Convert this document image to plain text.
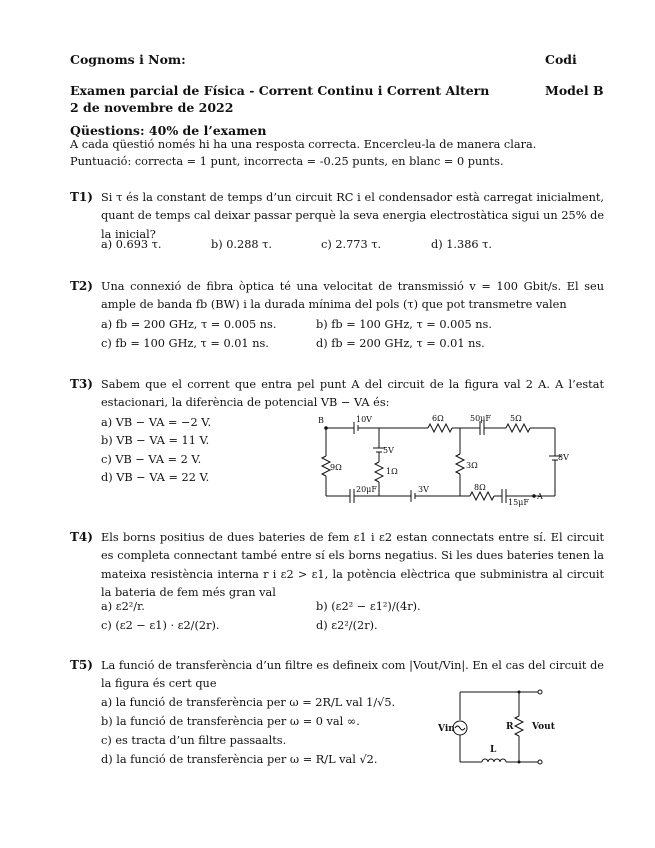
Cognoms i Nom:	Codi
Examen parcial de Física - Corrent Continu i Corrent Altern	Model B
2 de novembre de 2022
Qüestions: 40% de l’examen
A cada qüestió només hi ha una resposta correcta. Encercleu-la de manera clara.
Puntuació: correcta = 1 punt, incorrecta = -0.25 punts, en blanc = 0 punts.
T1) Si τ és la constant de temps d’un circuit RC i el condensador està carregat inicialment, quant de temps cal deixar passar perquè la seva energia electrostàtica sigui un 25% de la inicial?
a) 0.693 τ.	b) 0.288 τ.	c) 2.773 τ.	d) 1.386 τ.
T2) Una connexió de fibra òptica té una velocitat de transmissió v = 100 Gbit/s. El seu ample de banda fb (BW) i la durada mínima del pols (τ) que pot transmetre valen
a) fb = 200 GHz, τ = 0.005 ns.	b) fb = 100 GHz, τ = 0.005 ns.
c) fb = 100 GHz, τ = 0.01 ns.	d) fb = 200 GHz, τ = 0.01 ns.
T3) Sabem que el corrent que entra pel punt A del circuit de la figura val 2 A. A l’estat estacionari, la diferència de potencial VB − VA és:
a) VB − VA = −2 V.
b) VB − VA = 11 V.
c) VB − VA = 2 V.
d) VB − VA = 22 V.
B
A
10V	6Ω	50μF 5Ω
8V
5V
1Ω
9Ω	3Ω
20μF	3V	8Ω
15μF
T4) Els borns positius de dues bateries de fem ε1 i ε2 estan connectats entre sí. El circuit es completa connectant també entre sí els borns negatius. Si les dues bateries tenen la mateixa resistència interna r i ε2 > ε1, la potència elèctrica que subministra al circuit la bateria de fem més gran val
a) ε2²/r.	b) (ε2² − ε1²)/(4r).
c) (ε2 − ε1) · ε2/(2r).	d) ε2²/(2r).
T5) La funció de transferència d’un filtre es defineix com |Vout/Vin|. En el cas del circuit de la figura és cert que
a) la funció de transferència per ω = 2R/L val 1/√5.
b) la funció de transferència per ω = 0 val ∞.
c) es tracta d’un filtre passaalts.
d) la funció de transferència per ω = R/L val √2.
Vin	R Vout
L
